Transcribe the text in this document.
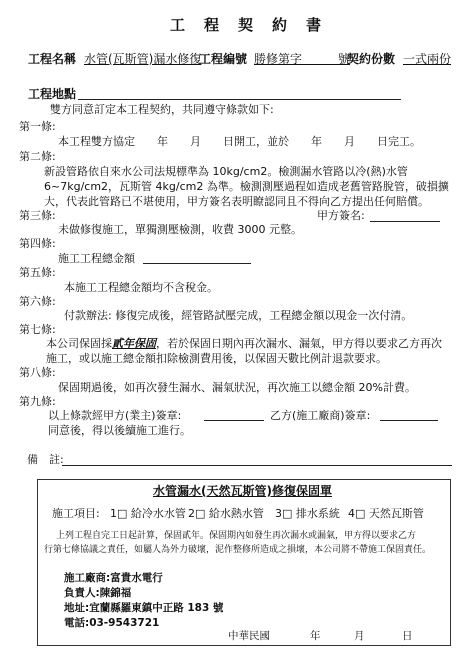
工　程　契　約　書
工程名稱 水管(瓦斯管)漏水修復
工程編號 勝修第字　　　號
契約份數 一式兩份
工程地點
雙方同意訂定本工程契約，共同遵守條款如下:
第一條:
本工程雙方協定　　年　　月　　日開工，並於　　年　　月　　日完工。
第二條:
新設管路依自來水公司法規標準為 10kg/cm2。檢測漏水管路以冷(熱)水管
6~7kg/cm2，瓦斯管 4kg/cm2 為準。檢測測壓過程如造成老舊管路脫管，破損擴
大，代表此管路已不堪使用，甲方簽名表明瞭認同且不得向乙方提出任何賠償。
第三條:	甲方簽名:
未做修復施工，單獨測壓檢測，收費 3000 元整。
第四條:
施工工程總金額
第五條:
本施工工程總金額均不含稅金。
第六條:
付款辦法: 修復完成後，經管路試壓完成，工程總金額以現金一次付清。
第七條:
本公司保固採貳年保固，若於保固日期內再次漏水、漏氣，甲方得以要求乙方再次
施工，或以施工總金額扣除檢測費用後，以保固天數比例計退款要求。
第八條:
保固期過後，如再次發生漏水、漏氣狀況，再次施工以總金額 20%計費。
第九條:
以上條款經甲方(業主)簽章:	乙方(施工廠商)簽章:
同意後，得以後續施工進行。
備　註:
水管漏水(天然瓦斯管)修復保固單
施工項目: 1□ 給冷水水管 2□ 給水熱水管 3□ 排水系統 4□ 天然瓦斯管
上列工程自完工日起計算，保固貳年。保固期內如發生再次漏水或漏氣，甲方得以要求乙方
行第七條協議之責任，如屬人為外力破壞，泥作整修所造成之損壞，本公司將不帶施工保固責任。
施工廠商:富貴水電行
負責人:陳錦福
地址:宜蘭縣羅東鎮中正路 183 號
電話:03-9543721
中華民國	年	月	日
